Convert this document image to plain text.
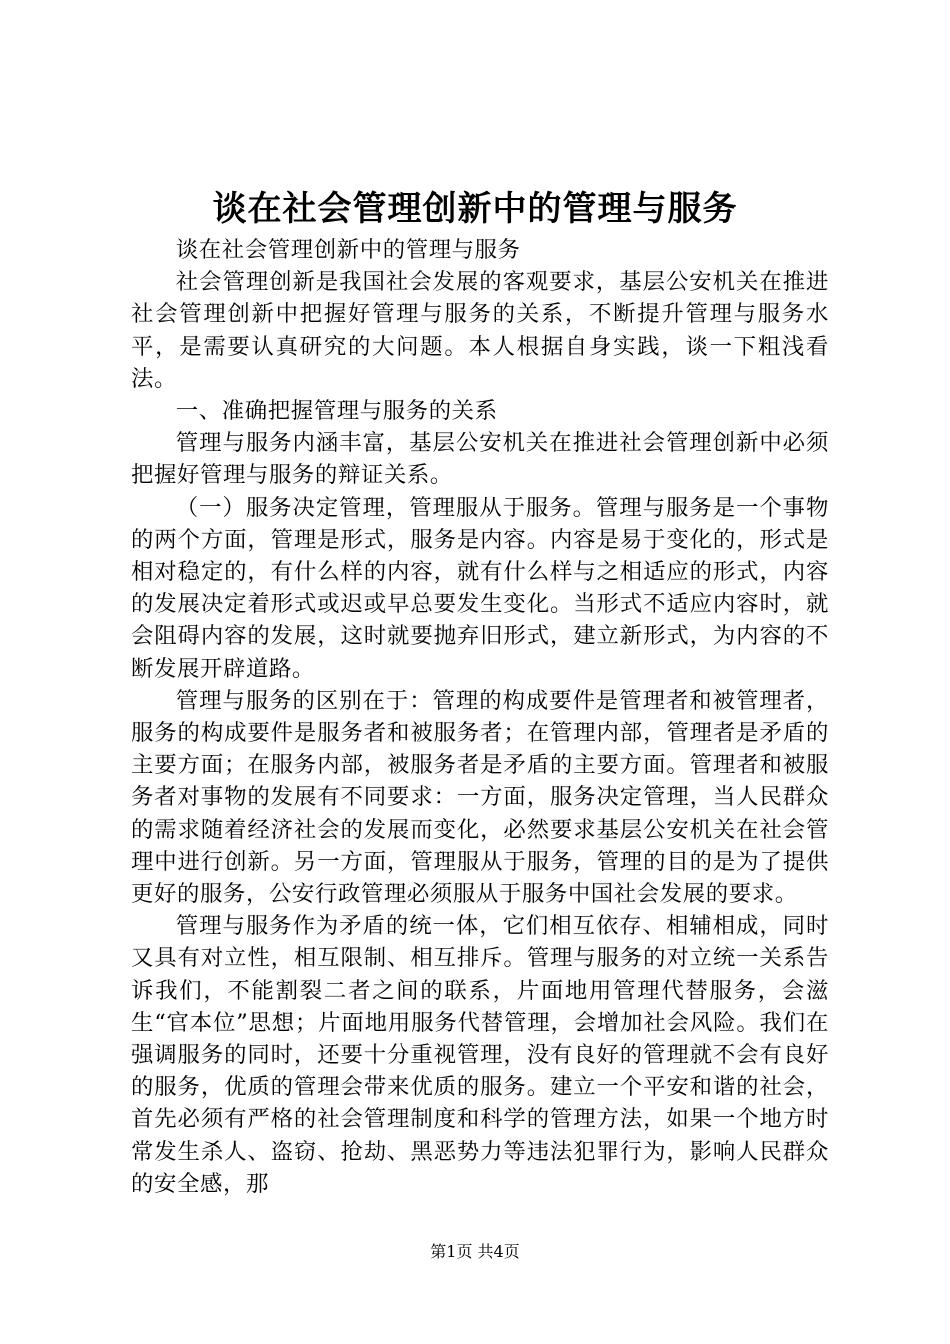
谈在社会管理创新中的管理与服务

谈在社会管理创新中的管理与服务

社会管理创新是我国社会发展的客观要求，基层公安机关在推进社会管理创新中把握好管理与服务的关系，不断提升管理与服务水平，是需要认真研究的大问题。本人根据自身实践，谈一下粗浅看法。

一、准确把握管理与服务的关系

管理与服务内涵丰富，基层公安机关在推进社会管理创新中必须把握好管理与服务的辩证关系。

（一）服务决定管理，管理服从于服务。管理与服务是一个事物的两个方面，管理是形式，服务是内容。内容是易于变化的，形式是相对稳定的，有什么样的内容，就有什么样与之相适应的形式，内容的发展决定着形式或迟或早总要发生变化。当形式不适应内容时，就会阻碍内容的发展，这时就要抛弃旧形式，建立新形式，为内容的不断发展开辟道路。

管理与服务的区别在于：管理的构成要件是管理者和被管理者，服务的构成要件是服务者和被服务者；在管理内部，管理者是矛盾的主要方面；在服务内部，被服务者是矛盾的主要方面。管理者和被服务者对事物的发展有不同要求：一方面，服务决定管理，当人民群众的需求随着经济社会的发展而变化，必然要求基层公安机关在社会管理中进行创新。另一方面，管理服从于服务，管理的目的是为了提供更好的服务，公安行政管理必须服从于服务中国社会发展的要求。

管理与服务作为矛盾的统一体，它们相互依存、相辅相成，同时又具有对立性，相互限制、相互排斥。管理与服务的对立统一关系告诉我们，不能割裂二者之间的联系，片面地用管理代替服务，会滋生“官本位”思想；片面地用服务代替管理，会增加社会风险。我们在强调服务的同时，还要十分重视管理，没有良好的管理就不会有良好的服务，优质的管理会带来优质的服务。建立一个平安和谐的社会，首先必须有严格的社会管理制度和科学的管理方法，如果一个地方时常发生杀人、盗窃、抢劫、黑恶势力等违法犯罪行为，影响人民群众的安全感，那

第1页 共4页
